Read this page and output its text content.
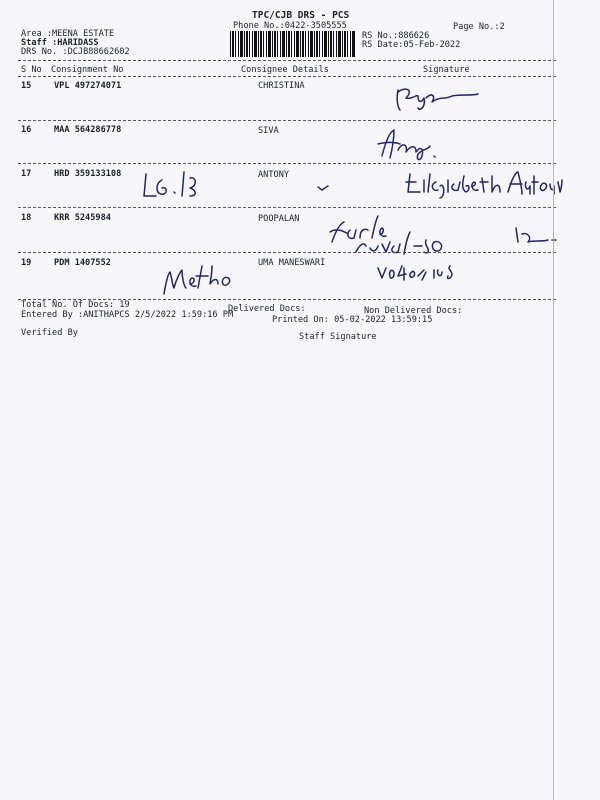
TPC/CJB DRS - PCS
Phone No.:0422-3505555	Page No.:2
Area :MEENA ESTATE
Staff :HARIDASS
DRS No. :DCJB88662602
RS No.:886626
RS Date:05-Feb-2022
S No Consignment No	Consignee Details	Signature
15	VPL 497274071	CHRISTINA
16	MAA 564286778	SIVA
17	HRD 359133108	ANTONY
18	KRR 5245984	POOPALAN
19	PDM 1407552	UMA MANESWARI
Total No. Of Docs: 19	Delivered Docs:	Non Delivered Docs:
Entered By :ANITHAPCS 2/5/2022 1:59:16 PM	Printed On: 05-02-2022 13:59:15
Verified By	Staff Signature
